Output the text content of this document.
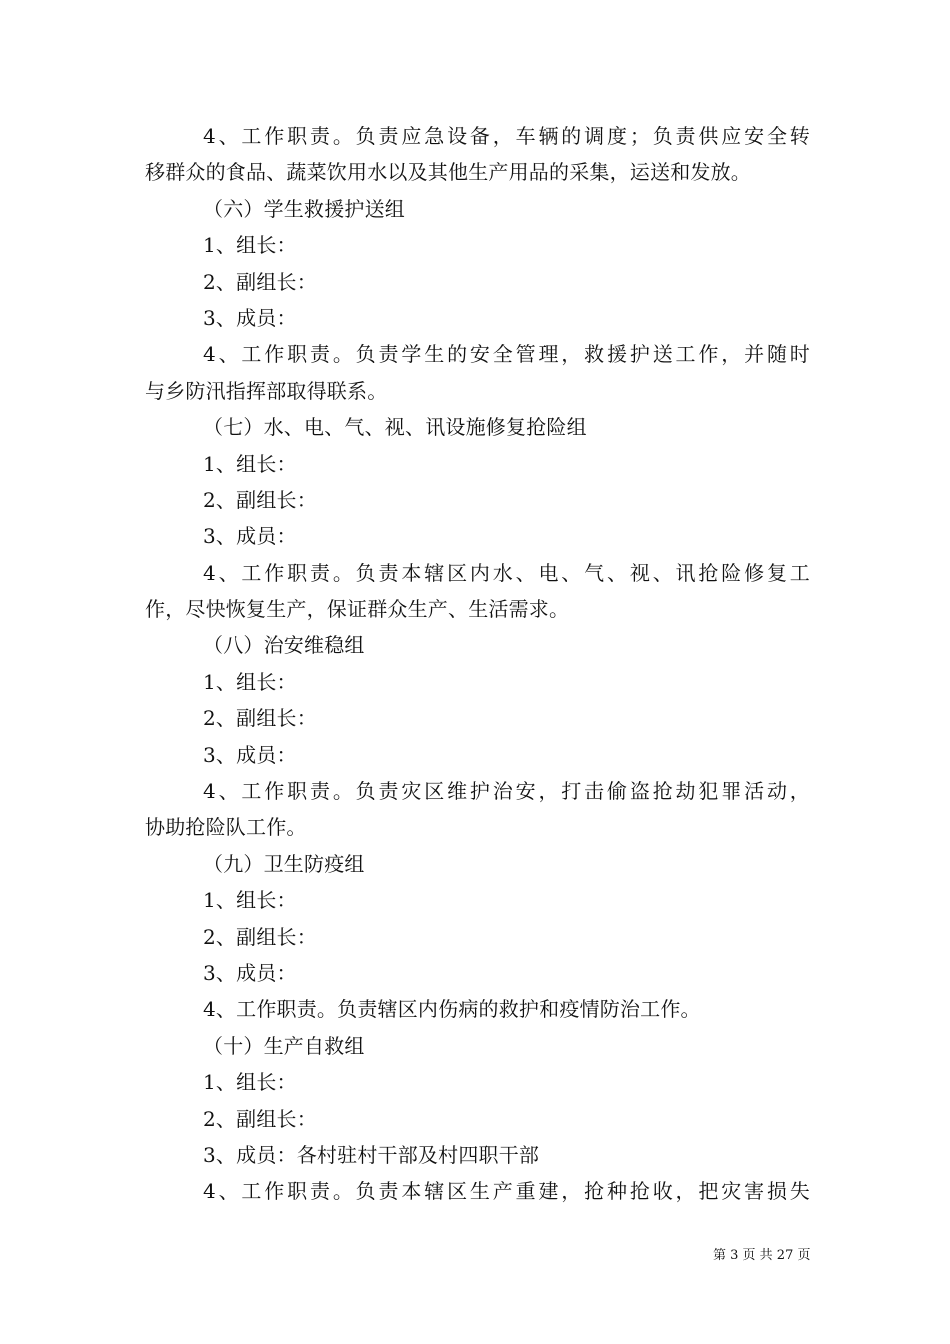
4、工作职责。负责应急设备，车辆的调度；负责供应安全转
移群众的食品、蔬菜饮用水以及其他生产用品的采集，运送和发放。
（六）学生救援护送组
1、组长：
2、副组长：
3、成员：
4、工作职责。负责学生的安全管理，救援护送工作，并随时
与乡防汛指挥部取得联系。
（七）水、电、气、视、讯设施修复抢险组
1、组长：
2、副组长：
3、成员：
4、工作职责。负责本辖区内水、电、气、视、讯抢险修复工
作，尽快恢复生产，保证群众生产、生活需求。
（八）治安维稳组
1、组长：
2、副组长：
3、成员：
4、工作职责。负责灾区维护治安，打击偷盗抢劫犯罪活动，
协助抢险队工作。
（九）卫生防疫组
1、组长：
2、副组长：
3、成员：
4、工作职责。负责辖区内伤病的救护和疫情防治工作。
（十）生产自救组
1、组长：
2、副组长：
3、成员：各村驻村干部及村四职干部
4、工作职责。负责本辖区生产重建，抢种抢收，把灾害损失
第 3 页 共 27 页
